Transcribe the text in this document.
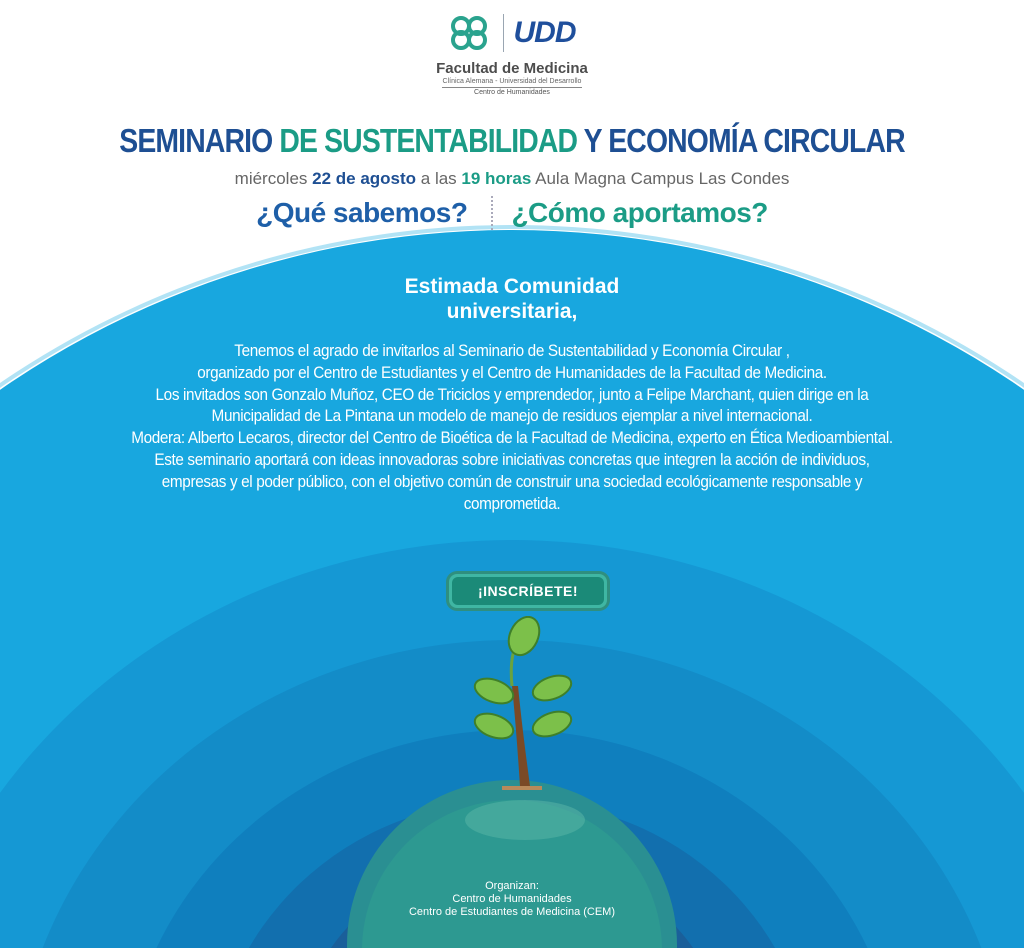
UDD
Facultad de Medicina
Clínica Alemana - Universidad del Desarrollo
Centro de Humanidades
SEMINARIO DE SUSTENTABILIDAD Y ECONOMÍA CIRCULAR
miércoles 22 de agosto a las 19 horas Aula Magna Campus Las Condes
¿Qué sabemos? ¿Cómo aportamos?
Estimada Comunidad
universitaria,
Tenemos el agrado de invitarlos al Seminario de Sustentabilidad y Economía Circular ,
organizado por el Centro de Estudiantes y el Centro de Humanidades de la Facultad de Medicina.
Los invitados son Gonzalo Muñoz, CEO de Triciclos y emprendedor, junto a Felipe Marchant, quien dirige en la
Municipalidad de La Pintana un modelo de manejo de residuos ejemplar a nivel internacional.
Modera: Alberto Lecaros, director del Centro de Bioética de la Facultad de Medicina, experto en Ética Medioambiental.
Este seminario aportará con ideas innovadoras sobre iniciativas concretas que integren la acción de individuos,
empresas y el poder público, con el objetivo común de construir una sociedad ecológicamente responsable y
comprometida.
¡INSCRÍBETE!
Organizan:
Centro de Humanidades
Centro de Estudiantes de Medicina (CEM)
